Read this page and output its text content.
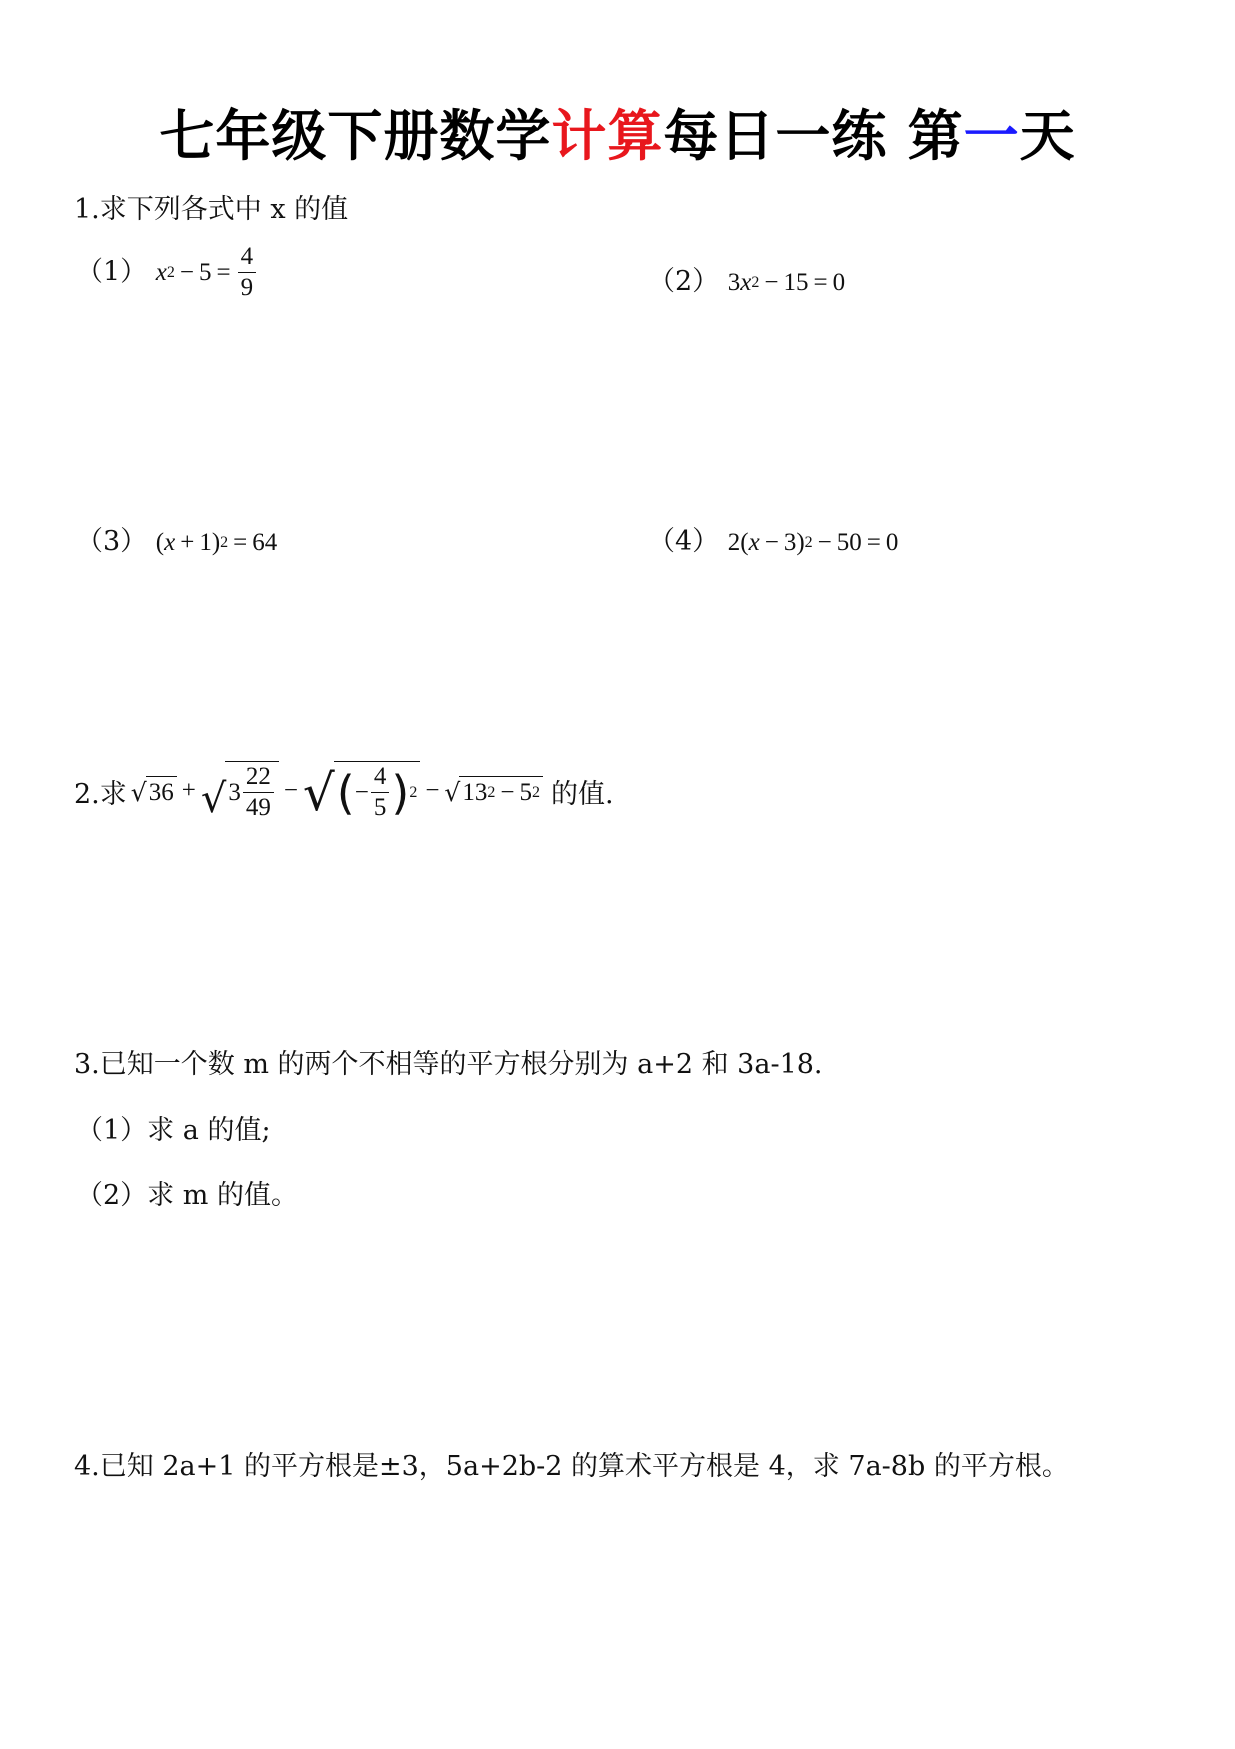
七年级下册数学计算每日一练 第一天
1.求下列各式中 x 的值
（1） x $2 - 5 = \frac{4}{9}$	（2） 3 x 2 − 15 = 0
（3） ( x + 1) 2 = 64	（4） 2( x − 3) 2 − 50 = 0
2.求 √ 36 + √ $3 \frac{22}{49}$ − √ ( − $\frac{4}{5}$ ) 2 − √ 13 2 − 5 2 的值.
3.已知一个数 m 的两个不相等的平方根分别为 a+2 和 3a-18.
（1）求 a 的值;
（2）求 m 的值。
4.已知 2a+1 的平方根是±3，5a+2b-2 的算术平方根是 4，求 7a-8b 的平方根。
